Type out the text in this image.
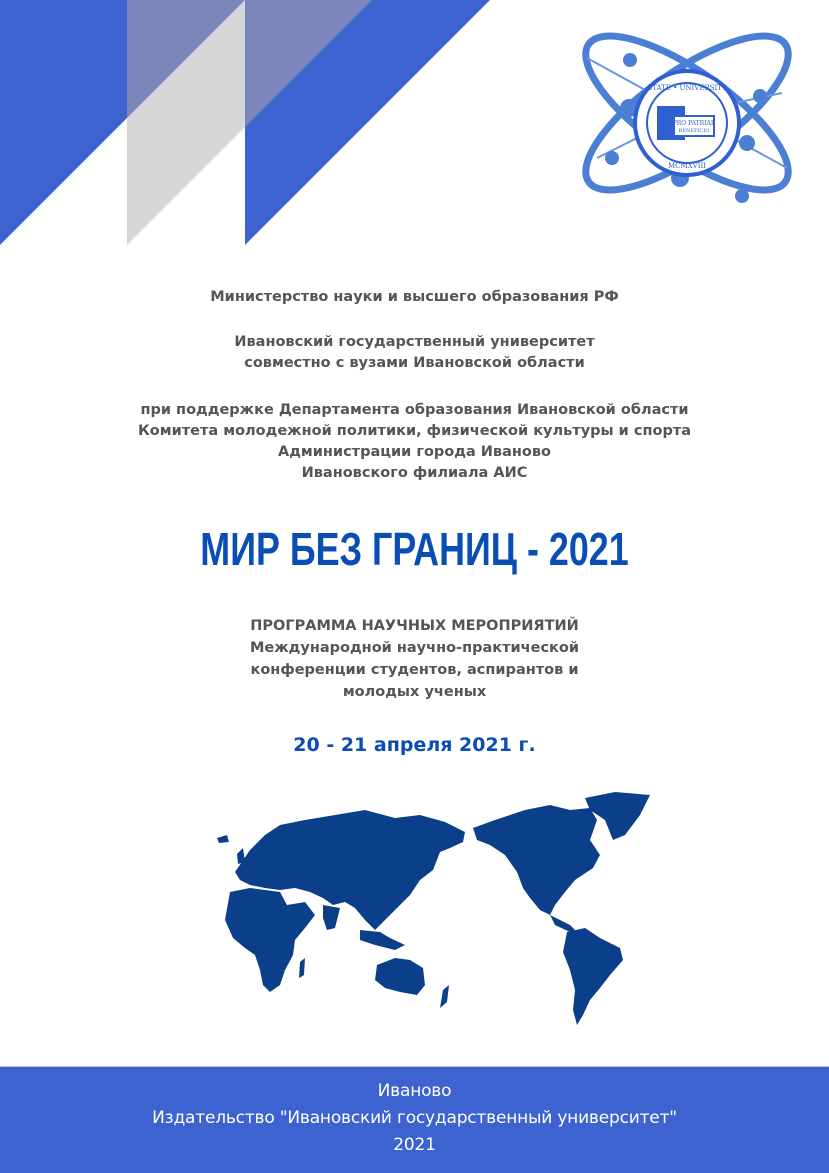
PRO PATRIAE
BENEFICIO
STATE • UNIVERSITY
MCMXVIII
Министерство науки и высшего образования РФ
Ивановский государственный университет
совместно с вузами Ивановской области
при поддержке Департамента образования Ивановской области
Комитета молодежной политики, физической культуры и спорта
Администрации города Иваново
Ивановского филиала АИС
МИР БЕЗ ГРАНИЦ - 2021
ПРОГРАММА НАУЧНЫХ МЕРОПРИЯТИЙ
Международной научно-практической
конференции студентов, аспирантов и
молодых ученых
20 - 21 апреля 2021 г.
Иваново
Издательство "Ивановский государственный университет"
2021
